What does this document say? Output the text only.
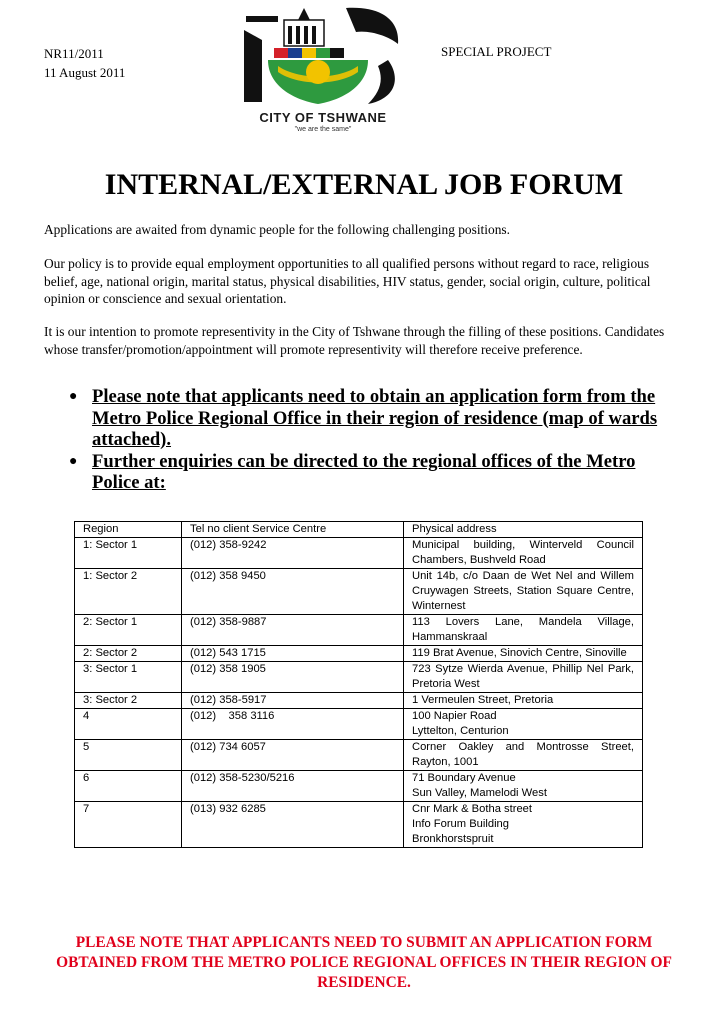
NR11/2011
11 August 2011
SPECIAL PROJECT
CITY OF TSHWANE
"we are the same"
INTERNAL/EXTERNAL JOB FORUM

Applications are awaited from dynamic people for the following challenging positions.

Our policy is to provide equal employment opportunities to all qualified persons without regard to race, religious belief, age, national origin, marital status, physical disabilities, HIV status, gender, social origin, culture, political opinion or conscience and sexual orientation.

It is our intention to promote representivity in the City of Tshwane through the filling of these positions. Candidates whose transfer/promotion/appointment will promote representivity will therefore receive preference.

● Please note that applicants need to obtain an application form from the Metro Police Regional Office in their region of residence (map of wards attached).
● Further enquiries can be directed to the regional offices of the Metro Police at:
Region	Tel no client Service Centre	Physical address
1: Sector 1	(012) 358-9242	Municipal building, Winterveld Council Chambers, Bushveld Road
1: Sector 2	(012) 358 9450	Unit 14b, c/o Daan de Wet Nel and Willem Cruywagen Streets, Station Square Centre, Winternest
2: Sector 1	(012) 358-9887	113 Lovers Lane, Mandela Village, Hammanskraal
2: Sector 2	(012) 543 1715	119 Brat Avenue, Sinovich Centre, Sinoville
3: Sector 1	(012) 358 1905	723 Sytze Wierda Avenue, Phillip Nel Park, Pretoria West
3: Sector 2	(012) 358-5917	1 Vermeulen Street, Pretoria
4	(012)    358 3116	100 Napier Road
Lyttelton, Centurion
5	(012) 734 6057	Corner Oakley and Montrosse Street, Rayton, 1001
6	(012) 358-5230/5216	71 Boundary Avenue
Sun Valley, Mamelodi West
7	(013) 932 6285	Cnr Mark & Botha street
Info Forum Building
Bronkhorstspruit
PLEASE NOTE THAT APPLICANTS NEED TO SUBMIT AN APPLICATION FORM OBTAINED FROM THE METRO POLICE REGIONAL OFFICES IN THEIR REGION OF RESIDENCE.
